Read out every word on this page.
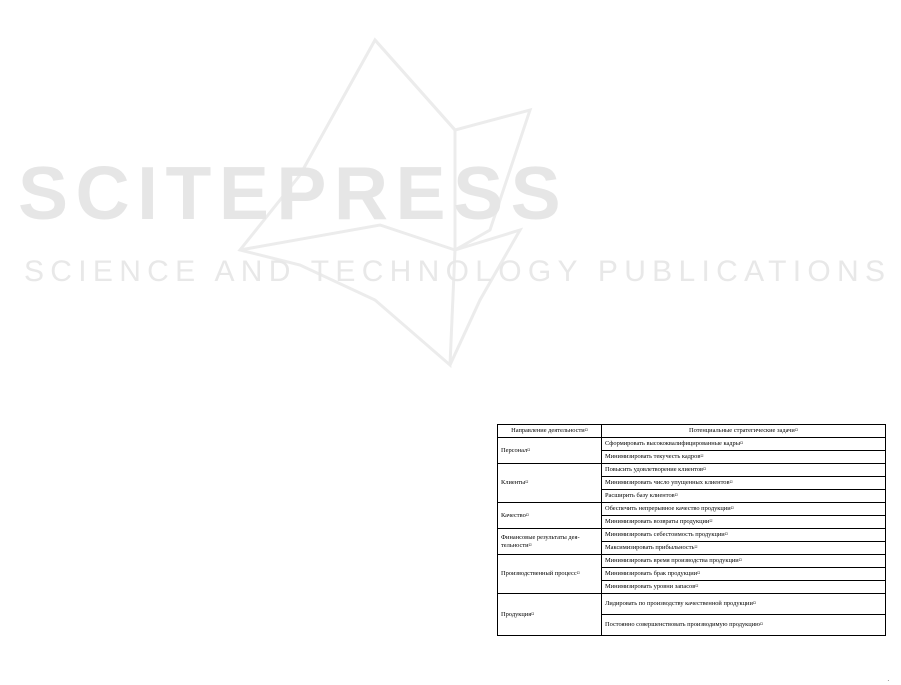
SCITEPRESS
SCIENCE AND TECHNOLOGY PUBLICATIONS
Направление деятельности¤	Потенциальные стратегические задачи¤
Персонал¤	Сформировать высококвалифицированные кадры¤
	Минимизировать текучесть кадров¤
Клиенты¤	Повысить удовлетворение клиентов¤
	Минимизировать число упущенных клиентов¤
	Расширить базу клиентов¤
Качество¤	Обеспечить непрерывное качество продукции¤
	Минимизировать возвраты продукции¤
Финансовые результаты дея-тельности¤	Минимизировать себестоимость продукции¤
	Максимизировать прибыльность¤
Производственный процесс¤	Минимизировать время производства продукции¤
	Минимизировать брак продукции¤
	Минимизировать уровни запасов¤
Продукция¤	Лидировать по производству качественной продукции¤
	Постоянно совершенствовать производимую продукцию¤
.
